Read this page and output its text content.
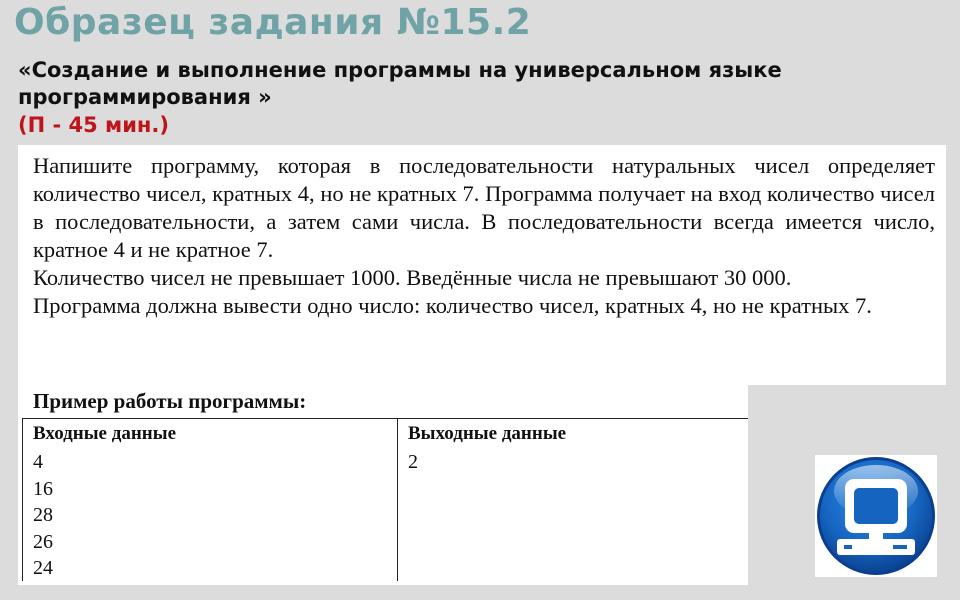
Образец задания №15.2
«Создание и выполнение программы на универсальном языке программирования »
(П - 45 мин.)

Напишите программу, которая в последовательности натуральных чисел определяет количество чисел, кратных 4, но не кратных 7. Программа получает на вход количество чисел в последовательности, а затем сами числа. В последовательности всегда имеется число, кратное 4 и не кратное 7.

Количество чисел не превышает 1000. Введённые числа не превышают 30 000.

Программа должна вывести одно число: количество чисел, кратных 4, но не кратных 7.

Пример работы программы:
Входные данные
4
16
28
26
24
Выходные данные
2
